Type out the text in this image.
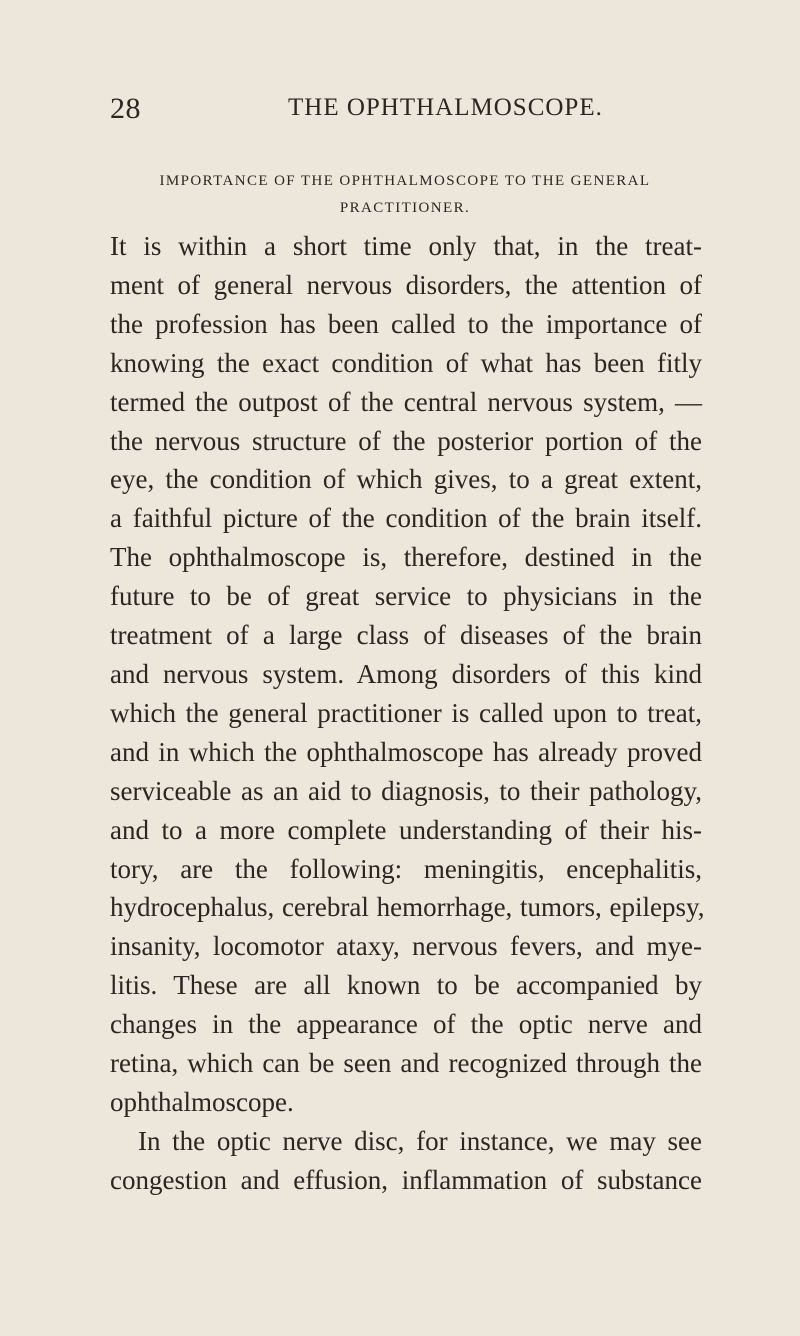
28	THE OPHTHALMOSCOPE.
IMPORTANCE OF THE OPHTHALMOSCOPE TO THE GENERAL
PRACTITIONER.
It is within a short time only that, in the treat-
ment of general nervous disorders, the attention of
the profession has been called to the importance of
knowing the exact condition of what has been fitly
termed the outpost of the central nervous system, —
the nervous structure of the posterior portion of the
eye, the condition of which gives, to a great extent,
a faithful picture of the condition of the brain itself.
The ophthalmoscope is, therefore, destined in the
future to be of great service to physicians in the
treatment of a large class of diseases of the brain
and nervous system. Among disorders of this kind
which the general practitioner is called upon to treat,
and in which the ophthalmoscope has already proved
serviceable as an aid to diagnosis, to their pathology,
and to a more complete understanding of their his-
tory, are the following: meningitis, encephalitis,
hydrocephalus, cerebral hemorrhage, tumors, epilepsy,
insanity, locomotor ataxy, nervous fevers, and mye-
litis. These are all known to be accompanied by
changes in the appearance of the optic nerve and
retina, which can be seen and recognized through the
ophthalmoscope.
In the optic nerve disc, for instance, we may see
congestion and effusion, inflammation of substance
